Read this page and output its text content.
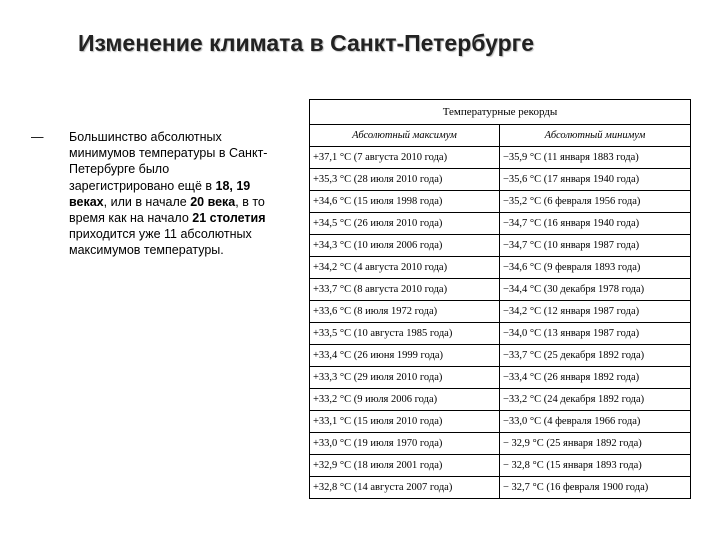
Изменение климата в Санкт-Петербурге
— Большинство абсолютных минимумов температуры в Санкт-Петербурге было зарегистрировано ещё в 18, 19 веках, или в начале 20 века, в то время как на начало 21 столетия приходится уже 11 абсолютных максимумов температуры.
Температурные рекорды	
Абсолютный максимум	Абсолютный минимум
+37,1 °C (7 августа 2010 года)	−35,9 °C (11 января 1883 года)
+35,3 °C (28 июля 2010 года)	−35,6 °C (17 января 1940 года)
+34,6 °C (15 июля 1998 года)	−35,2 °C (6 февраля 1956 года)
+34,5 °C (26 июля 2010 года)	−34,7 °C (16 января 1940 года)
+34,3 °C (10 июля 2006 года)	−34,7 °C (10 января 1987 года)
+34,2 °C (4 августа 2010 года)	−34,6 °C (9 февраля 1893 года)
+33,7 °C (8 августа 2010 года)	−34,4 °C (30 декабря 1978 года)
+33,6 °C (8 июля 1972 года)	−34,2 °C (12 января 1987 года)
+33,5 °C (10 августа 1985 года)	−34,0 °C (13 января 1987 года)
+33,4 °C (26 июня 1999 года)	−33,7 °C (25 декабря 1892 года)
+33,3 °C (29 июля 2010 года)	−33,4 °C (26 января 1892 года)
+33,2 °C (9 июля 2006 года)	−33,2 °C (24 декабря 1892 года)
+33,1 °C (15 июля 2010 года)	−33,0 °C (4 февраля 1966 года)
+33,0 °C (19 июля 1970 года)	− 32,9 °C (25 января 1892 года)
+32,9 °C (18 июля 2001 года)	− 32,8 °C (15 января 1893 года)
+32,8 °C (14 августа 2007 года)	− 32,7 °C (16 февраля 1900 года)
